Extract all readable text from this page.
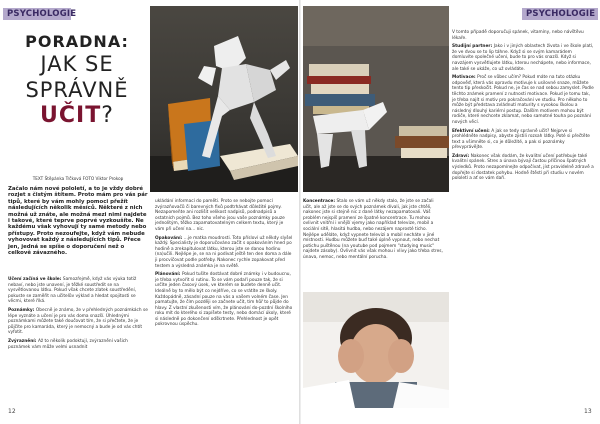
PSYCHOLOGIE
PORADNA:
JAK SE
SPRÁVNĚ
UČIT?
TEXT Štěpánka Trčková FOTO Viktor Prokop
Začalo nám nové pololetí, a to je vždy dobré rozjet s čistým štítem. Proto mám pro vás pár tipů, které by vám mohly pomoci přežít následujících několik měsíců. Některé z nich možná už znáte, ale možná mezi nimi najdete i takové, které teprve poprvé vyzkoušíte. Ne každému však vyhovují ty samé metody nebo přístupy. Proto nezoufejte, když vám nebude vyhovovat každý z následujících tipů. Přece jen, jedná se spíše o doporučení než o celkově závazného.

Učení začíná ve škole: Samozřejmě, když vás výuka totiž nebaví, nebo jste unavení, je těžké soustředit se na vysvětlovanou látku. Pokud však chcete zlatek soustředění, pokuste se zaměřit na učitelův výklad a hledat spojitosti se věcmi, které říká.

Poznámky: Obecně je známo, že v přehledných poznámkách se lépe vyznáte a učení je pro vás doma snazší. Úhlednými poznámkami můžete také doučovat tím, že si přečtete, že je půjčíte pro kamaráda, který je nemocný a bude je od vás chtít vyfotit.

Zvýraznění: Až to několik podoktují, zvýraznění vašich poznámek vám může velmi usnadnit

ukládání informací do paměti. Proto se nebojte pomocí zvýrazňovačů či barevných fixů podtrhávat důležité pojmy. Nezapomeňte ani rozlišit velikost nadpisů, podnadpisů a ostatních pojmů. Bez toho všeho jsou vaše poznámky pouze jednolitým, těžko zapamatovatelným celkem textu, který je vám při učení na... nic.

Opakování: ...je matka moudrosti. Toto přísloví už někdy slyšel každý. Specialisty je doporučováno začít s opakováním hned po hodině a zrekapitulovat látku, kterou jste se danou hodinu (na)učili. Nejlépe je, se na ni podívat ještě ten den doma a dále ji procvičovat podle potřeby. Nakonec rychle zopakovat před testem a výsledná známka je na světě.

Plánování: Pokud tušíte dostávat dobré známky i v budoucnu, je třeba vytvořit si rutinu. To se vám podaří pouze tak, že si určíte jeden časový úsek, ve kterém se budete denně učit. Ideálně by to mělo být co nejdříve, co se vrátíte ze školy. Každopádně, zásadní pouze na vás a vašem volném čase. Jen pamatujte, že čím později se začnete učit, tím hůř to půjde do hlavy. Z vlastní zkušenosti vím, že plánování do-pozdní školního roku mít do kterého si zapíšete testy, nebo domácí úkoly, které si následně po dokončení odškrtnete. Přehlednost je opět pokrovnou úspěchu.

12
PSYCHOLOGIE

Koncentrace: Stalo se vám už někdy stalo, že jste se začali učit, ale až jste se do svých poznámek dívali, jak jste chtěli, nakonec jste si stejně nic z dané látky nezapamatovali. Váš problém nejspíš pramení ze špatné koncentrace. Tu mohou ovlivnit vnitřní i vnější vjemy jako například televize, mobil a sociální sítě, hlasitá hudba, nebo nezájem naprosté ticho. Nejlépe uděláte, když vypnete televizi a mobil necháte v jiné místnosti. Hudbu můžete buď také úplně vypnout, nebo nechat potichu puštěnou (na youtube pod pojmem "studying music" najdete zásoby). Ovlivnit vás však mohou i vlivy jako třeba stres, únava, nemoc, nebo mentální porucha.

V tomto případě doporučuji spánek, vitamíny, nebo návštěvu lékaře.

Studijní partner: Jako i v jiných oblastech života i ve škole platí, že ve dvou se to lip táhne. Když si se svým kamarádem domluvíte společné učení, bude to pro vás snazší. Když si navzájem vysvětlujete látku, kterou nechápete, nebo informace, ale také se ukáže, co už ovládáte.

Motivace: Proč se vůbec učím? Pokud máte na tuto otázku odpověď, která vás opravdu motivuje k usilovné snaze, můžete tento tip přeskočit. Pokud ne, je čas se nad sebou zamyslet. Podle těchto známek pramení z nutnosti motivace. Pokud je tomu tak, je třeba najít si motiv pro pokračování ve studiu. Pro někoho to může být představa zvládnutí maturity s vysokou školou a následný dlouhý kariérní postup. Dalším motivem mohou být rodiče, které nechcete zklamat, nebo samotné touha po poznání nových věcí.

Efektivní učení: A jak se tedy správně učit? Nejprve si prohlédněte nadpisy, abyste zjistili rozsah látky. Poté si přečtěte text a všimněte si, co je důležité, a pak si poznámky převyprávějte.

Zdraví: Nakonec však dodám, že kvalitní učení potřebuje také kvalitní spánek. Stres a únava bývají častou příčinou špatných výsledků. Proto nezapomínejte odpočívat, jíst pravidelně zdravě a dopřejte si dostatek pohybu. Hodně štěstí při studiu v novém pololetí a ať se vám daří.

13
